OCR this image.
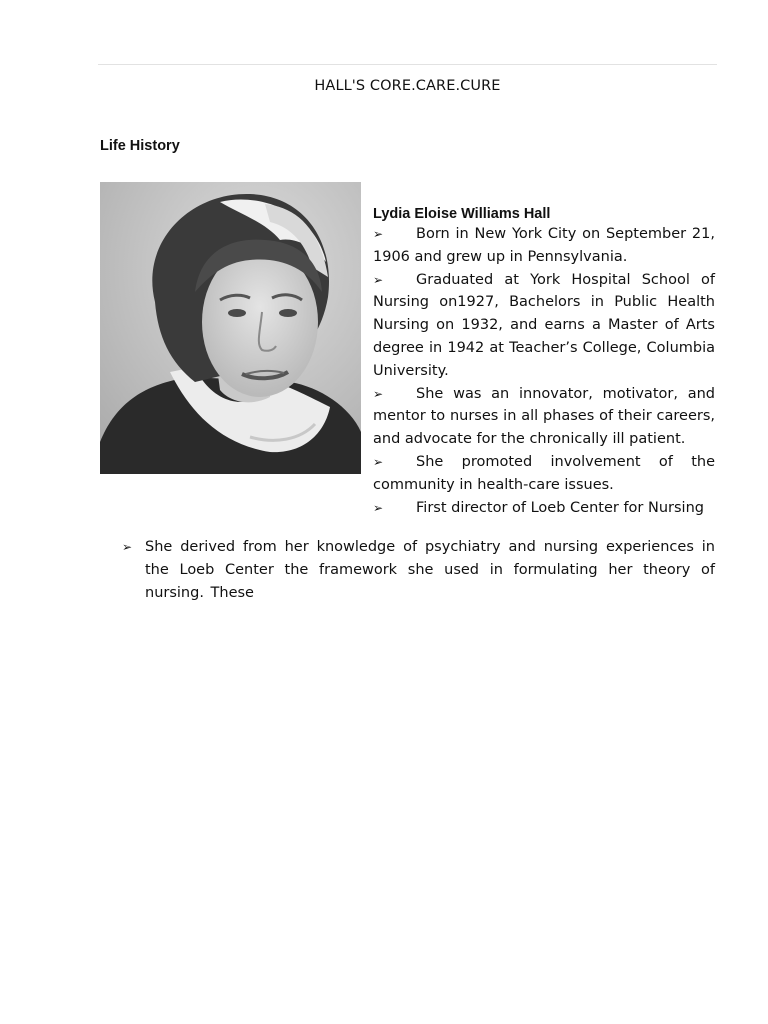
HALL'S CORE.CARE.CURE
Life History
Lydia Eloise Williams Hall
➢ Born in New York City on September 21, 1906 and grew up in Pennsylvania.
➢ Graduated at York Hospital School of Nursing on1927, Bachelors in Public Health Nursing on 1932, and earns a Master of Arts degree in 1942 at Teacher’s College, Columbia University.
➢ She was an innovator, motivator, and mentor to nurses in all phases of their careers, and advocate for the chronically ill patient.
➢ She promoted involvement of the community in health-care issues.
➢ First director of Loeb Center for Nursing
➢ She derived from her knowledge of psychiatry and nursing experiences in the Loeb Center the framework she used in formulating her theory of nursing. These
